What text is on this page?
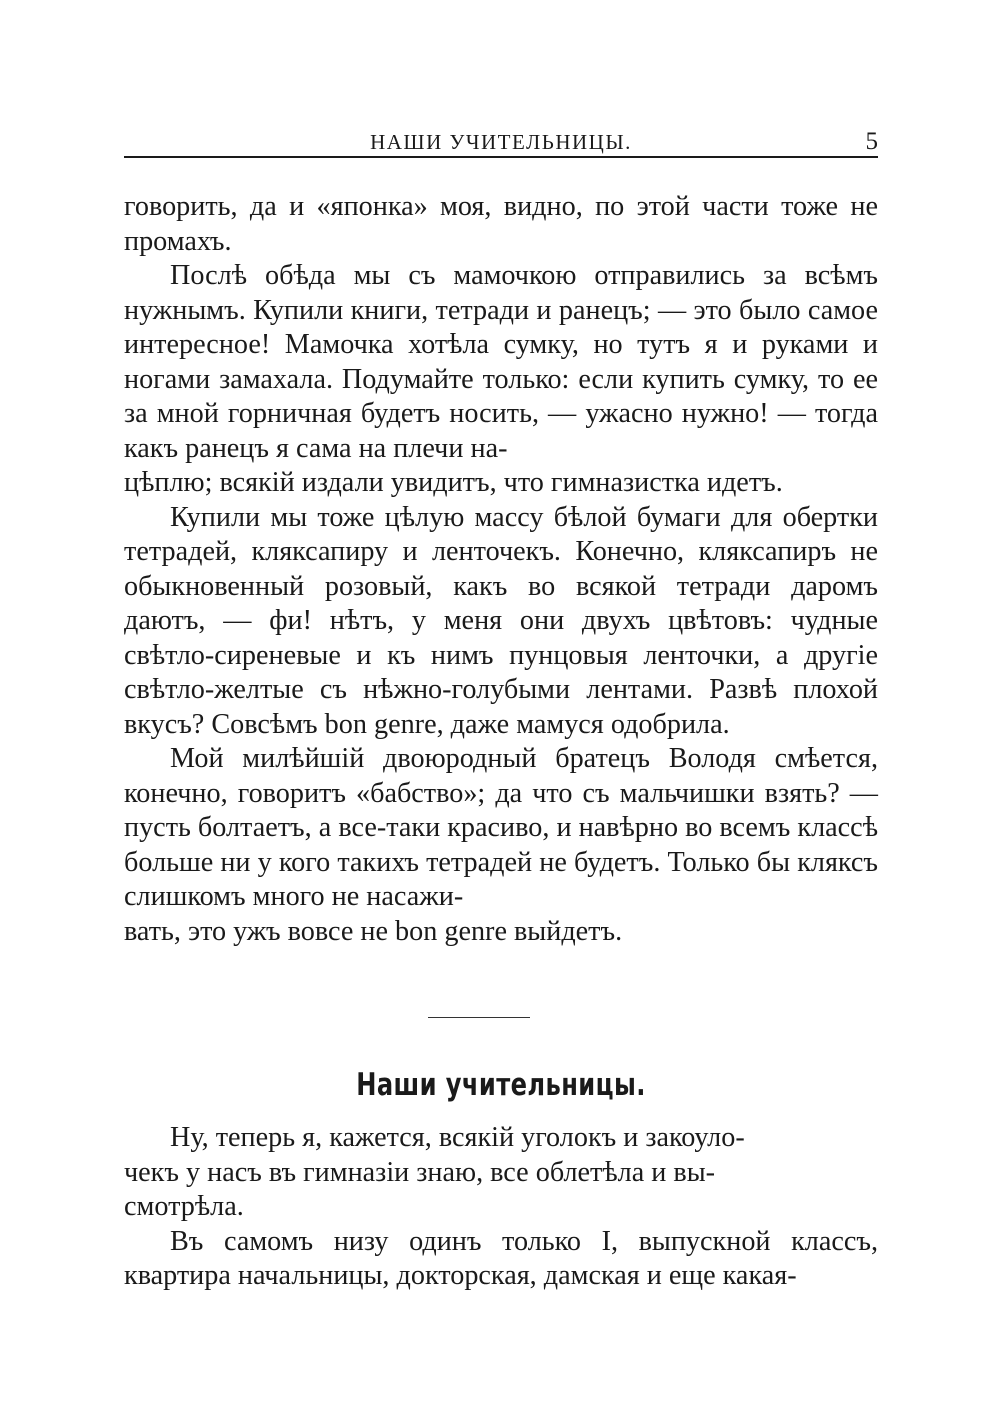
НАШИ УЧИТЕЛЬНИЦЫ.	5

говорить, да и «японка» моя, видно, по этой части тоже не промахъ.

Послѣ обѣда мы съ мамочкою отправились за всѣмъ нужнымъ. Купили книги, тетради и ранецъ; — это было самое интересное! Мамочка хотѣла сумку, но тутъ я и руками и ногами замахала. Подумайте только: если купить сумку, то ее за мной горничная будетъ носить, — ужасно нужно! — тогда какъ ранецъ я сама на плечи на-
цѣплю; всякій издали увидитъ, что гимназистка идетъ.

Купили мы тоже цѣлую массу бѣлой бумаги для обертки тетрадей, кляксапиру и ленточекъ. Конечно, кляксапиръ не обыкновенный розовый, какъ во всякой тетради даромъ даютъ, — фи! нѣтъ, у меня они двухъ цвѣтовъ: чудные свѣтло-сиреневые и къ нимъ пунцовыя ленточки, а другіе свѣтло-желтые съ нѣжно-голубыми лентами. Развѣ плохой вкусъ? Совсѣмъ bon genre, даже мамуся одобрила.

Мой милѣйшій двоюродный братецъ Володя смѣется, конечно, говоритъ «бабство»; да что съ мальчишки взять? — пусть болтаетъ, а все-таки красиво, и навѣрно во всемъ классѣ больше ни у кого такихъ тетрадей не будетъ. Только бы кляксъ слишкомъ много не насажи-
вать, это ужъ вовсе не bon genre выйдетъ.

Наши учительницы.

Ну, теперь я, кажется, всякій уголокъ и закоуло-
чекъ у насъ въ гимназіи знаю, все облетѣла и вы-
смотрѣла.

Въ самомъ низу одинъ только I, выпускной классъ, квартира начальницы, докторская, дамская и еще какая-
